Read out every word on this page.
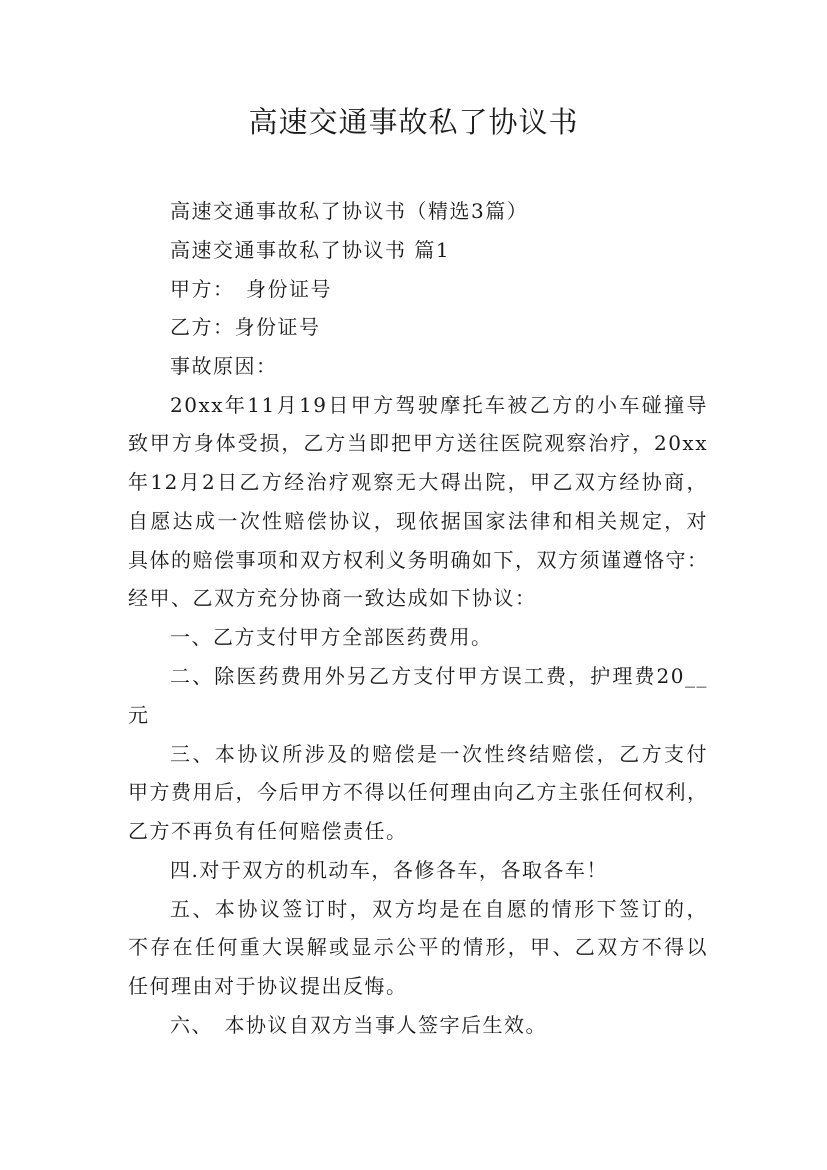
高速交通事故私了协议书
高速交通事故私了协议书（精选3篇）
高速交通事故私了协议书 篇1
甲方：　身份证号
乙方：身份证号
事故原因：
20xx年11月19日甲方驾驶摩托车被乙方的小车碰撞导
致甲方身体受损，乙方当即把甲方送往医院观察治疗，20xx
年12月2日乙方经治疗观察无大碍出院，甲乙双方经协商，
自愿达成一次性赔偿协议，现依据国家法律和相关规定，对
具体的赔偿事项和双方权利义务明确如下，双方须谨遵恪守：
经甲、乙双方充分协商一致达成如下协议：
一、乙方支付甲方全部医药费用。
二、除医药费用外另乙方支付甲方误工费，护理费20__
元
三、本协议所涉及的赔偿是一次性终结赔偿，乙方支付
甲方费用后，今后甲方不得以任何理由向乙方主张任何权利，
乙方不再负有任何赔偿责任。
四.对于双方的机动车，各修各车，各取各车！
五、本协议签订时，双方均是在自愿的情形下签订的，
不存在任何重大误解或显示公平的情形，甲、乙双方不得以
任何理由对于协议提出反悔。
六、　本协议自双方当事人签字后生效。
